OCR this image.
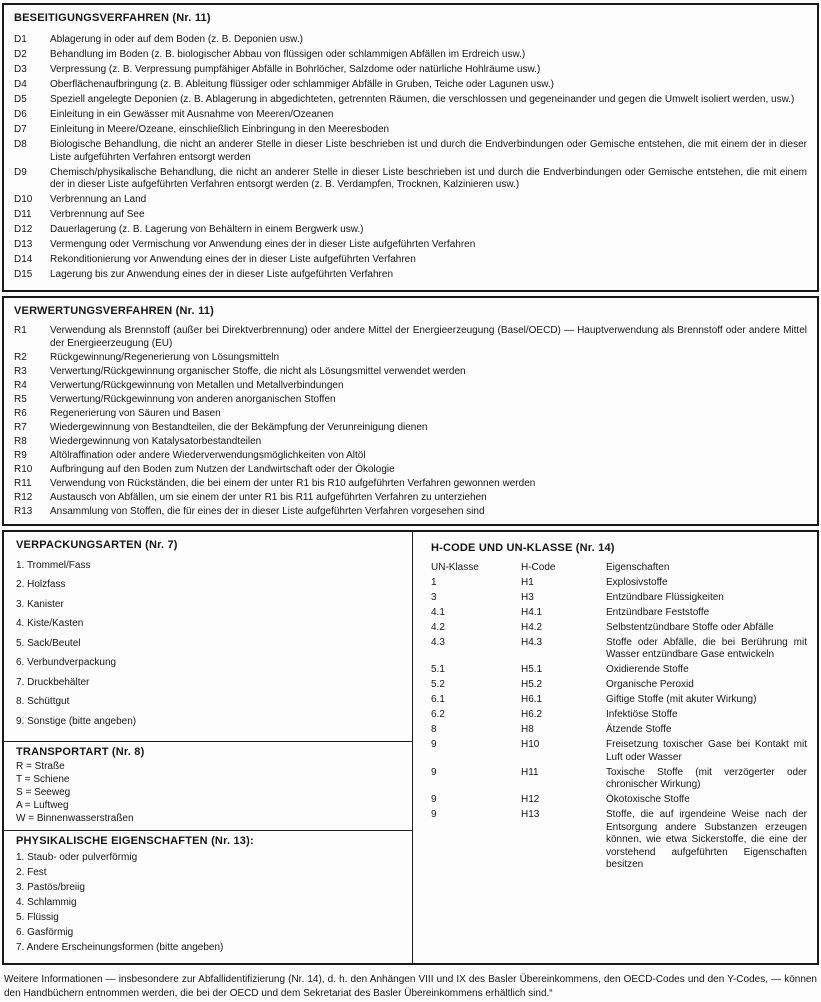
BESEITIGUNGSVERFAHREN (Nr. 11)
D1	Ablagerung in oder auf dem Boden (z. B. Deponien usw.)
D2	Behandlung im Boden (z. B. biologischer Abbau von flüssigen oder schlammigen Abfällen im Erdreich usw.)
D3	Verpressung (z. B. Verpressung pumpfähiger Abfälle in Bohrlöcher, Salzdome oder natürliche Hohlräume usw.)
D4	Oberflächenaufbringung (z. B. Ableitung flüssiger oder schlammiger Abfälle in Gruben, Teiche oder Lagunen usw.)
D5	Speziell angelegte Deponien (z. B. Ablagerung in abgedichteten, getrennten Räumen, die verschlossen und gegeneinander und gegen die Umwelt isoliert werden, usw.)
D6	Einleitung in ein Gewässer mit Ausnahme von Meeren/Ozeanen
D7	Einleitung in Meere/Ozeane, einschließlich Einbringung in den Meeresboden
D8	Biologische Behandlung, die nicht an anderer Stelle in dieser Liste beschrieben ist und durch die Endverbindungen oder Gemische entstehen, die mit einem der in dieser Liste aufgeführten Verfahren entsorgt werden
D9	Chemisch/physikalische Behandlung, die nicht an anderer Stelle in dieser Liste beschrieben ist und durch die Endverbindungen oder Gemische entstehen, die mit einem der in dieser Liste aufgeführten Verfahren entsorgt werden (z. B. Verdampfen, Trocknen, Kalzinieren usw.)
D10	Verbrennung an Land
D11	Verbrennung auf See
D12	Dauerlagerung (z. B. Lagerung von Behältern in einem Bergwerk usw.)
D13	Vermengung oder Vermischung vor Anwendung eines der in dieser Liste aufgeführten Verfahren
D14	Rekonditionierung vor Anwendung eines der in dieser Liste aufgeführten Verfahren
D15	Lagerung bis zur Anwendung eines der in dieser Liste aufgeführten Verfahren
VERWERTUNGSVERFAHREN (Nr. 11)
R1	Verwendung als Brennstoff (außer bei Direktverbrennung) oder andere Mittel der Energieerzeugung (Basel/OECD) — Hauptverwendung als Brennstoff oder andere Mittel der Energieerzeugung (EU)
R2	Rückgewinnung/Regenerierung von Lösungsmitteln
R3	Verwertung/Rückgewinnung organischer Stoffe, die nicht als Lösungsmittel verwendet werden
R4	Verwertung/Rückgewinnung von Metallen und Metallverbindungen
R5	Verwertung/Rückgewinnung von anderen anorganischen Stoffen
R6	Regenerierung von Säuren und Basen
R7	Wiedergewinnung von Bestandteilen, die der Bekämpfung der Verunreinigung dienen
R8	Wiedergewinnung von Katalysatorbestandteilen
R9	Altölraffination oder andere Wiederverwendungsmöglichkeiten von Altöl
R10	Aufbringung auf den Boden zum Nutzen der Landwirtschaft oder der Ökologie
R11	Verwendung von Rückständen, die bei einem der unter R1 bis R10 aufgeführten Verfahren gewonnen werden
R12	Austausch von Abfällen, um sie einem der unter R1 bis R11 aufgeführten Verfahren zu unterziehen
R13	Ansammlung von Stoffen, die für eines der in dieser Liste aufgeführten Verfahren vorgesehen sind
VERPACKUNGSARTEN (Nr. 7)
1. Trommel/Fass
2. Holzfass
3. Kanister
4. Kiste/Kasten
5. Sack/Beutel
6. Verbundverpackung
7. Druckbehälter
8. Schüttgut
9. Sonstige (bitte angeben)
TRANSPORTART (Nr. 8)
R = Straße
T = Schiene
S = Seeweg
A = Luftweg
W = Binnenwasserstraßen
PHYSIKALISCHE EIGENSCHAFTEN (Nr. 13):
1. Staub- oder pulverförmig
2. Fest
3. Pastös/breiig
4. Schlammig
5. Flüssig
6. Gasförmig
7. Andere Erscheinungsformen (bitte angeben)
H-CODE UND UN-KLASSE (Nr. 14)
UN-Klasse	H-Code	Eigenschaften
1	H1	Explosivstoffe
3	H3	Entzündbare Flüssigkeiten
4.1	H4.1	Entzündbare Feststoffe
4.2	H4.2	Selbstentzündbare Stoffe oder Abfälle
4.3	H4.3	Stoffe oder Abfälle, die bei Berührung mit Wasser entzündbare Gase entwickeln
5.1	H5.1	Oxidierende Stoffe
5.2	H5.2	Organische Peroxid
6.1	H6.1	Giftige Stoffe (mit akuter Wirkung)
6.2	H6.2	Infektiöse Stoffe
8	H8	Ätzende Stoffe
9	H10	Freisetzung toxischer Gase bei Kontakt mit Luft oder Wasser
9	H11	Toxische Stoffe (mit verzögerter oder chronischer Wirkung)
9	H12	Ökotoxische Stoffe
9	H13	Stoffe, die auf irgendeine Weise nach der Entsorgung andere Substanzen erzeugen können, wie etwa Sickerstoffe, die eine der vorstehend aufgeführten Eigenschaften besitzen

Weitere Informationen — insbesondere zur Abfallidentifizierung (Nr. 14), d. h. den Anhängen VIII und IX des Basler Übereinkommens, den OECD-Codes und den Y-Codes, — können den Handbüchern entnommen werden, die bei der OECD und dem Sekretariat des Basler Übereinkommens erhältlich sind.“
